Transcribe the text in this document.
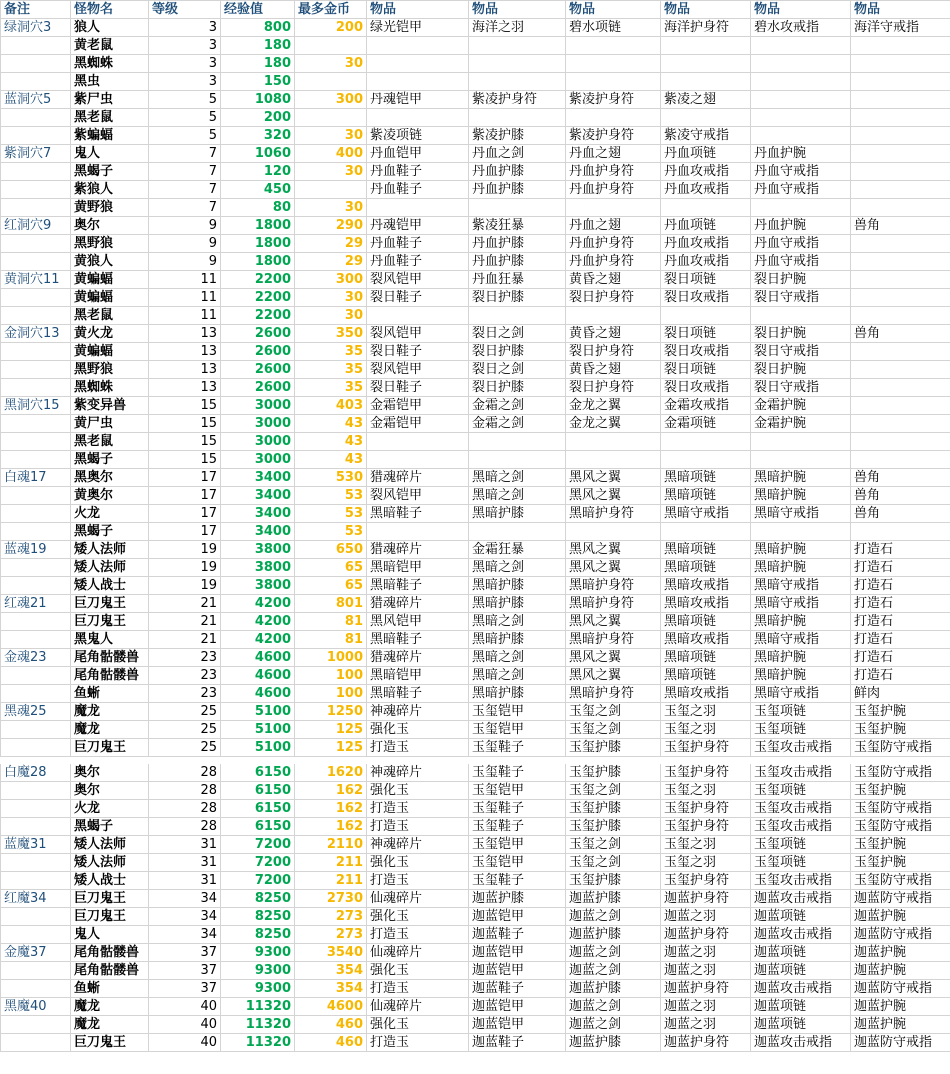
备注	怪物名	等级	经验值	最多金币	物品	物品	物品	物品	物品	物品
绿洞穴3	狼人	3	800	200	绿光铠甲	海洋之羽	碧水项链	海洋护身符	碧水攻戒指	海洋守戒指
	黄老鼠	3	180							
	黑蜘蛛	3	180	30						
	黑虫	3	150							
蓝洞穴5	紫尸虫	5	1080	300	丹魂铠甲	紫凌护身符	紫凌护身符	紫凌之翅		
	黑老鼠	5	200							
	紫蝙蝠	5	320	30	紫凌项链	紫凌护膝	紫凌护身符	紫凌守戒指		
紫洞穴7	鬼人	7	1060	400	丹血铠甲	丹血之剑	丹血之翅	丹血项链	丹血护腕	
	黑蝎子	7	120	30	丹血鞋子	丹血护膝	丹血护身符	丹血攻戒指	丹血守戒指	
	紫狼人	7	450		丹血鞋子	丹血护膝	丹血护身符	丹血攻戒指	丹血守戒指	
	黄野狼	7	80	30						
红洞穴9	奥尔	9	1800	290	丹魂铠甲	紫凌狂暴	丹血之翅	丹血项链	丹血护腕	兽角
	黑野狼	9	1800	29	丹血鞋子	丹血护膝	丹血护身符	丹血攻戒指	丹血守戒指	
	黄狼人	9	1800	29	丹血鞋子	丹血护膝	丹血护身符	丹血攻戒指	丹血守戒指	
黄洞穴11	黄蝙蝠	11	2200	300	裂风铠甲	丹血狂暴	黄昏之翅	裂日项链	裂日护腕	
	黄蝙蝠	11	2200	30	裂日鞋子	裂日护膝	裂日护身符	裂日攻戒指	裂日守戒指	
	黑老鼠	11	2200	30						
金洞穴13	黄火龙	13	2600	350	裂风铠甲	裂日之剑	黄昏之翅	裂日项链	裂日护腕	兽角
	黄蝙蝠	13	2600	35	裂日鞋子	裂日护膝	裂日护身符	裂日攻戒指	裂日守戒指	
	黑野狼	13	2600	35	裂风铠甲	裂日之剑	黄昏之翅	裂日项链	裂日护腕	
	黑蜘蛛	13	2600	35	裂日鞋子	裂日护膝	裂日护身符	裂日攻戒指	裂日守戒指	
黑洞穴15	紫变异兽	15	3000	403	金霜铠甲	金霜之剑	金龙之翼	金霜攻戒指	金霜护腕	
	黄尸虫	15	3000	43	金霜铠甲	金霜之剑	金龙之翼	金霜项链	金霜护腕	
	黑老鼠	15	3000	43						
	黑蝎子	15	3000	43						
白魂17	黑奥尔	17	3400	530	猎魂碎片	黑暗之剑	黑风之翼	黑暗项链	黑暗护腕	兽角
	黄奥尔	17	3400	53	裂风铠甲	黑暗之剑	黑风之翼	黑暗项链	黑暗护腕	兽角
	火龙	17	3400	53	黑暗鞋子	黑暗护膝	黑暗护身符	黑暗守戒指	黑暗守戒指	兽角
	黑蝎子	17	3400	53						
蓝魂19	矮人法师	19	3800	650	猎魂碎片	金霜狂暴	黑风之翼	黑暗项链	黑暗护腕	打造石
	矮人法师	19	3800	65	黑暗铠甲	黑暗之剑	黑风之翼	黑暗项链	黑暗护腕	打造石
	矮人战士	19	3800	65	黑暗鞋子	黑暗护膝	黑暗护身符	黑暗攻戒指	黑暗守戒指	打造石
红魂21	巨刀鬼王	21	4200	801	猎魂碎片	黑暗护膝	黑暗护身符	黑暗攻戒指	黑暗守戒指	打造石
	巨刀鬼王	21	4200	81	黑风铠甲	黑暗之剑	黑风之翼	黑暗项链	黑暗护腕	打造石
	黑鬼人	21	4200	81	黑暗鞋子	黑暗护膝	黑暗护身符	黑暗攻戒指	黑暗守戒指	打造石
金魂23	尾角骷髅兽	23	4600	1000	猎魂碎片	黑暗之剑	黑风之翼	黑暗项链	黑暗护腕	打造石
	尾角骷髅兽	23	4600	100	黑暗铠甲	黑暗之剑	黑风之翼	黑暗项链	黑暗护腕	打造石
	鱼蜥	23	4600	100	黑暗鞋子	黑暗护膝	黑暗护身符	黑暗攻戒指	黑暗守戒指	鲜肉
黑魂25	魔龙	25	5100	1250	神魂碎片	玉玺铠甲	玉玺之剑	玉玺之羽	玉玺项链	玉玺护腕
	魔龙	25	5100	125	强化玉	玉玺铠甲	玉玺之剑	玉玺之羽	玉玺项链	玉玺护腕
	巨刀鬼王	25	5100	125	打造玉	玉玺鞋子	玉玺护膝	玉玺护身符	玉玺攻击戒指	玉玺防守戒指

白魔28	奥尔	28	6150	1620	神魂碎片	玉玺鞋子	玉玺护膝	玉玺护身符	玉玺攻击戒指	玉玺防守戒指
	奥尔	28	6150	162	强化玉	玉玺铠甲	玉玺之剑	玉玺之羽	玉玺项链	玉玺护腕
	火龙	28	6150	162	打造玉	玉玺鞋子	玉玺护膝	玉玺护身符	玉玺攻击戒指	玉玺防守戒指
	黑蝎子	28	6150	162	打造玉	玉玺鞋子	玉玺护膝	玉玺护身符	玉玺攻击戒指	玉玺防守戒指
蓝魔31	矮人法师	31	7200	2110	神魂碎片	玉玺铠甲	玉玺之剑	玉玺之羽	玉玺项链	玉玺护腕
	矮人法师	31	7200	211	强化玉	玉玺铠甲	玉玺之剑	玉玺之羽	玉玺项链	玉玺护腕
	矮人战士	31	7200	211	打造玉	玉玺鞋子	玉玺护膝	玉玺护身符	玉玺攻击戒指	玉玺防守戒指
红魔34	巨刀鬼王	34	8250	2730	仙魂碎片	迦蓝护膝	迦蓝护膝	迦蓝护身符	迦蓝攻击戒指	迦蓝防守戒指
	巨刀鬼王	34	8250	273	强化玉	迦蓝铠甲	迦蓝之剑	迦蓝之羽	迦蓝项链	迦蓝护腕
	鬼人	34	8250	273	打造玉	迦蓝鞋子	迦蓝护膝	迦蓝护身符	迦蓝攻击戒指	迦蓝防守戒指
金魔37	尾角骷髅兽	37	9300	3540	仙魂碎片	迦蓝铠甲	迦蓝之剑	迦蓝之羽	迦蓝项链	迦蓝护腕
	尾角骷髅兽	37	9300	354	强化玉	迦蓝铠甲	迦蓝之剑	迦蓝之羽	迦蓝项链	迦蓝护腕
	鱼蜥	37	9300	354	打造玉	迦蓝鞋子	迦蓝护膝	迦蓝护身符	迦蓝攻击戒指	迦蓝防守戒指
黑魔40	魔龙	40	11320	4600	仙魂碎片	迦蓝铠甲	迦蓝之剑	迦蓝之羽	迦蓝项链	迦蓝护腕
	魔龙	40	11320	460	强化玉	迦蓝铠甲	迦蓝之剑	迦蓝之羽	迦蓝项链	迦蓝护腕
	巨刀鬼王	40	11320	460	打造玉	迦蓝鞋子	迦蓝护膝	迦蓝护身符	迦蓝攻击戒指	迦蓝防守戒指
